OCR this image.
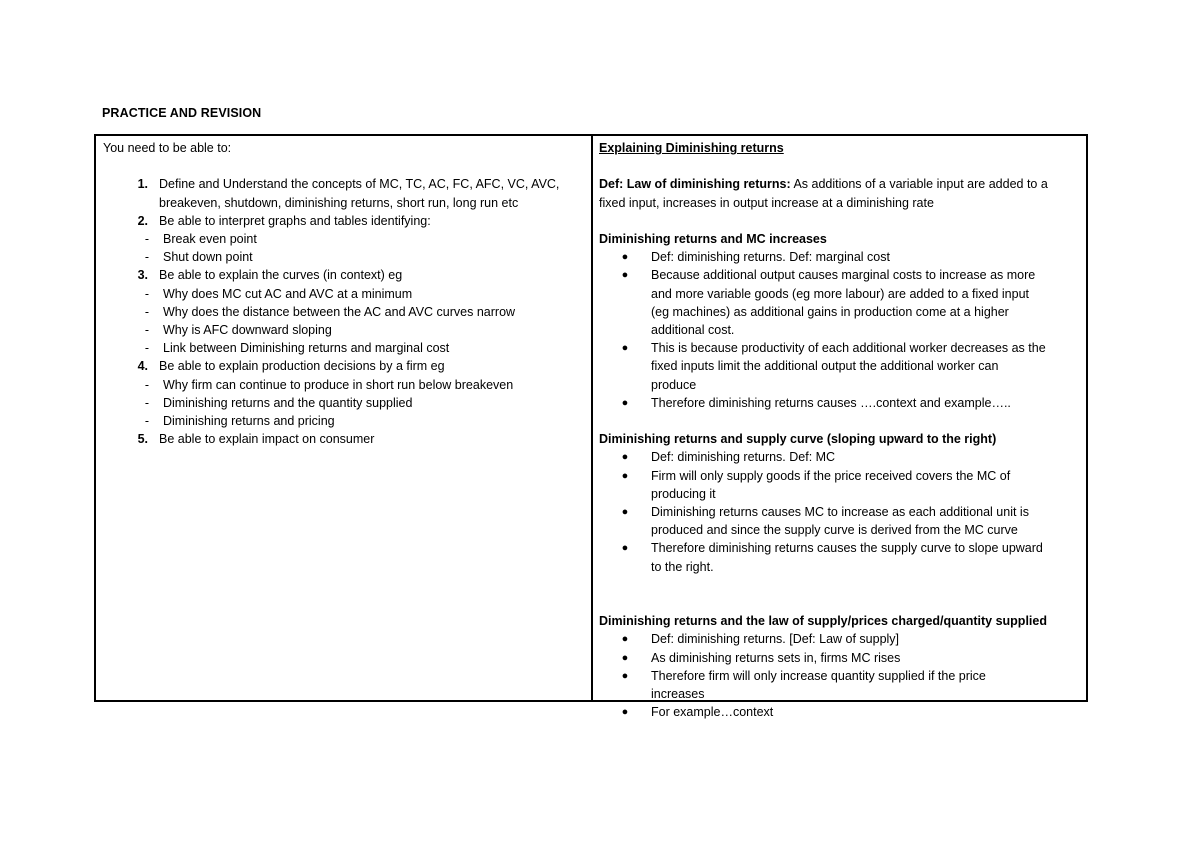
PRACTICE AND REVISION

You need to be able to:

1. Define and Understand the concepts of MC, TC, AC, FC, AFC, VC, AVC,
breakeven, shutdown, diminishing returns, short run, long run etc
2. Be able to interpret graphs and tables identifying:
-	Break even point
-	Shut down point
3. Be able to explain the curves (in context) eg
-	Why does MC cut AC and AVC at a minimum
-	Why does the distance between the AC and AVC curves narrow
-	Why is AFC downward sloping
-	Link between Diminishing returns and marginal cost
4. Be able to explain production decisions by a firm eg
-	Why firm can continue to produce in short run below breakeven
-	Diminishing returns and the quantity supplied
-	Diminishing returns and pricing
5. Be able to explain impact on consumer

Explaining Diminishing returns

Def: Law of diminishing returns: As additions of a variable input are added to a

fixed input, increases in output increase at a diminishing rate

Diminishing returns and MC increases

●	Def: diminishing returns. Def: marginal cost
●	Because additional output causes marginal costs to increase as more
and more variable goods (eg more labour) are added to a fixed input
(eg machines) as additional gains in production come at a higher
additional cost.
●	This is because productivity of each additional worker decreases as the
fixed inputs limit the additional output the additional worker can
produce
●	Therefore diminishing returns causes ….context and example…..

Diminishing returns and supply curve (sloping upward to the right)

●	Def: diminishing returns. Def: MC
●	Firm will only supply goods if the price received covers the MC of
producing it
●	Diminishing returns causes MC to increase as each additional unit is
produced and since the supply curve is derived from the MC curve
●	Therefore diminishing returns causes the supply curve to slope upward
to the right.

Diminishing returns and the law of supply/prices charged/quantity supplied

●	Def: diminishing returns. [Def: Law of supply]
●	As diminishing returns sets in, firms MC rises
●	Therefore firm will only increase quantity supplied if the price
increases
●	For example…context
